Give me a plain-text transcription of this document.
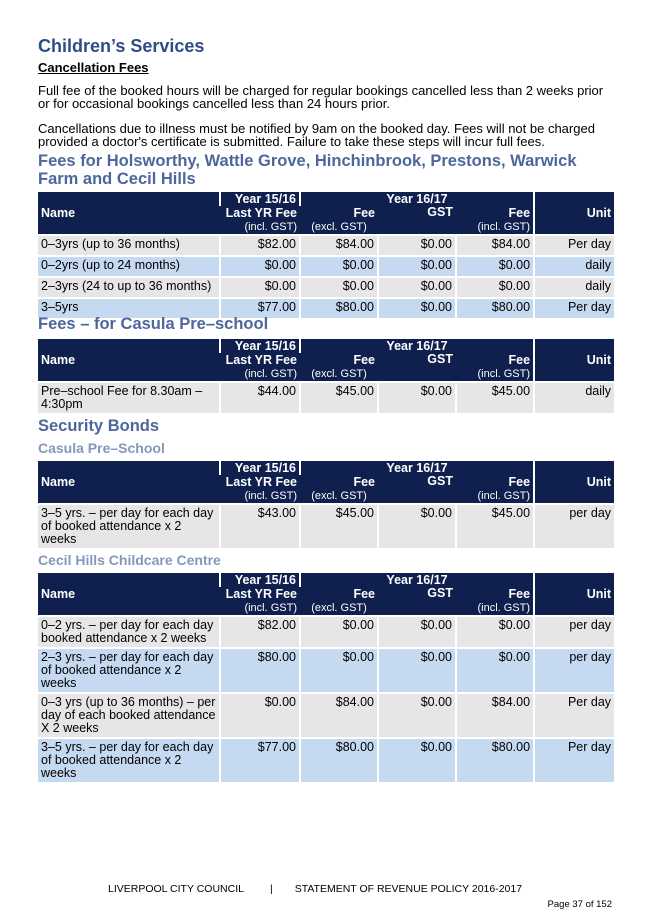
Children’s Services

Cancellation Fees

Full fee of the booked hours will be charged for regular bookings cancelled less than 2 weeks prior or for occasional bookings cancelled less than 24 hours prior.

Cancellations due to illness must be notified by 9am on the booked day. Fees will not be charged provided a doctor's certificate is submitted. Failure to take these steps will incur full fees.

Fees for Holsworthy, Wattle Grove, Hinchinbrook, Prestons, Warwick Farm and Cecil Hills
Name	Year 15/16	Year 16/17			Unit
	Last YR Fee	Fee	GST	Fee	
	(incl. GST)	(excl. GST)		(incl. GST)	
0–3yrs (up to 36 months)	$82.00	$84.00	$0.00	$84.00	Per day
0–2yrs (up to 24 months)	$0.00	$0.00	$0.00	$0.00	daily
2–3yrs (24 to up to 36 months)	$0.00	$0.00	$0.00	$0.00	daily
3–5yrs	$77.00	$80.00	$0.00	$80.00	Per day
Fees – for Casula Pre–school
Name	Year 15/16	Year 16/17			Unit
	Last YR Fee	Fee	GST	Fee	
	(incl. GST)	(excl. GST)		(incl. GST)	
Pre–school Fee for 8.30am – 4:30pm	$44.00	$45.00	$0.00	$45.00	daily
Security Bonds
Casula Pre–School
Name	Year 15/16	Year 16/17			Unit
	Last YR Fee	Fee	GST	Fee	
	(incl. GST)	(excl. GST)		(incl. GST)	
3–5 yrs. – per day for each day of booked attendance x 2 weeks	$43.00	$45.00	$0.00	$45.00	per day
Cecil Hills Childcare Centre
Name	Year 15/16	Year 16/17			Unit
	Last YR Fee	Fee	GST	Fee	
	(incl. GST)	(excl. GST)		(incl. GST)	
0–2 yrs. – per day for each day booked attendance x 2 weeks	$82.00	$0.00	$0.00	$0.00	per day
2–3 yrs. – per day for each day of booked attendance x 2 weeks	$80.00	$0.00	$0.00	$0.00	per day
0–3 yrs (up to 36 months) – per day of each booked attendance X 2 weeks	$0.00	$84.00	$0.00	$84.00	Per day
3–5 yrs. – per day for each day of booked attendance x 2 weeks	$77.00	$80.00	$0.00	$80.00	Per day
LIVERPOOL CITY COUNCIL | STATEMENT OF REVENUE POLICY 2016-2017
Page 37 of 152
